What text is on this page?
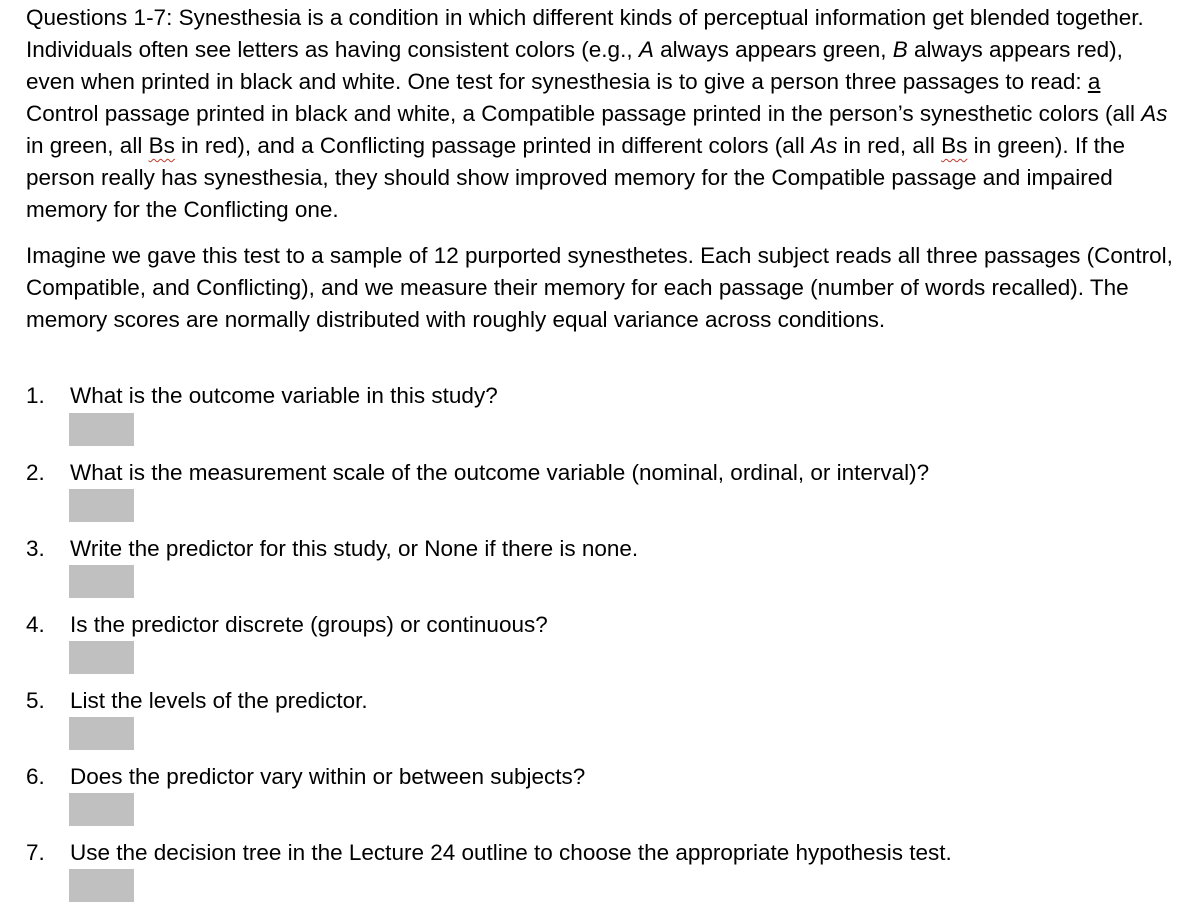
Questions 1-7: Synesthesia is a condition in which different kinds of perceptual information get blended together. Individuals often see letters as having consistent colors (e.g., A always appears green, B always appears red), even when printed in black and white. One test for synesthesia is to give a person three passages to read: a Control passage printed in black and white, a Compatible passage printed in the person’s synesthetic colors (all As in green, all Bs in red), and a Conflicting passage printed in different colors (all As in red, all Bs in green). If the person really has synesthesia, they should show improved memory for the Compatible passage and impaired memory for the Conflicting one.

Imagine we gave this test to a sample of 12 purported synesthetes. Each subject reads all three passages (Control, Compatible, and Conflicting), and we measure their memory for each passage (number of words recalled). The memory scores are normally distributed with roughly equal variance across conditions.

1. What is the outcome variable in this study?

2. What is the measurement scale of the outcome variable (nominal, ordinal, or interval)?

3. Write the predictor for this study, or None if there is none.

4. Is the predictor discrete (groups) or continuous?

5. List the levels of the predictor.

6. Does the predictor vary within or between subjects?

7. Use the decision tree in the Lecture 24 outline to choose the appropriate hypothesis test.
